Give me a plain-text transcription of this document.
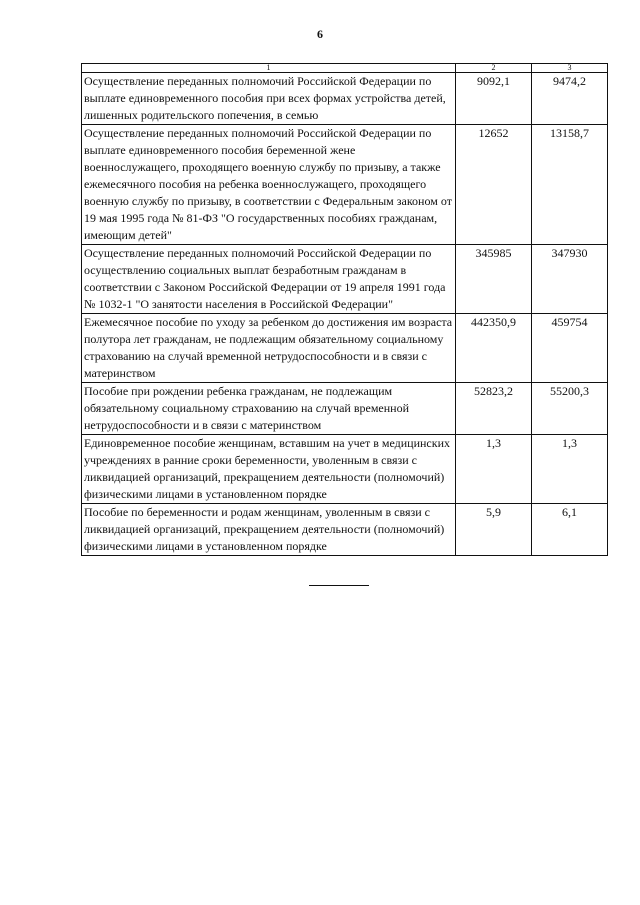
6
1	2	3
Осуществление переданных полномочий Российской Федерации по выплате единовременного пособия при всех формах устройства детей, лишенных родительского попечения, в семью	9092,1	9474,2
Осуществление переданных полномочий Российской Федерации по выплате единовременного пособия беременной жене военнослужащего, проходящего военную службу по призыву, а также ежемесячного пособия на ребенка военнослужащего, проходящего военную службу по призыву, в соответствии с Федеральным законом от 19 мая 1995 года № 81-ФЗ "О государственных пособиях гражданам, имеющим детей"	12652	13158,7
Осуществление переданных полномочий Российской Федерации по осуществлению социальных выплат безработным гражданам в соответствии с Законом Российской Федерации от 19 апреля 1991 года № 1032-1 "О занятости населения в Российской Федерации"	345985	347930
Ежемесячное пособие по уходу за ребенком до достижения им возраста полутора лет гражданам, не подлежащим обязательному социальному страхованию на случай временной нетрудоспособности и в связи с материнством	442350,9	459754
Пособие при рождении ребенка гражданам, не подлежащим обязательному социальному страхованию на случай временной нетрудоспособности и в связи с материнством	52823,2	55200,3
Единовременное пособие женщинам, вставшим на учет в медицинских учреждениях в ранние сроки беременности, уволенным в связи с ликвидацией организаций, прекращением деятельности (полномочий) физическими лицами в установленном порядке	1,3	1,3
Пособие по беременности и родам женщинам, уволенным в связи с ликвидацией организаций, прекращением деятельности (полномочий) физическими лицами в установленном порядке	5,9	6,1
